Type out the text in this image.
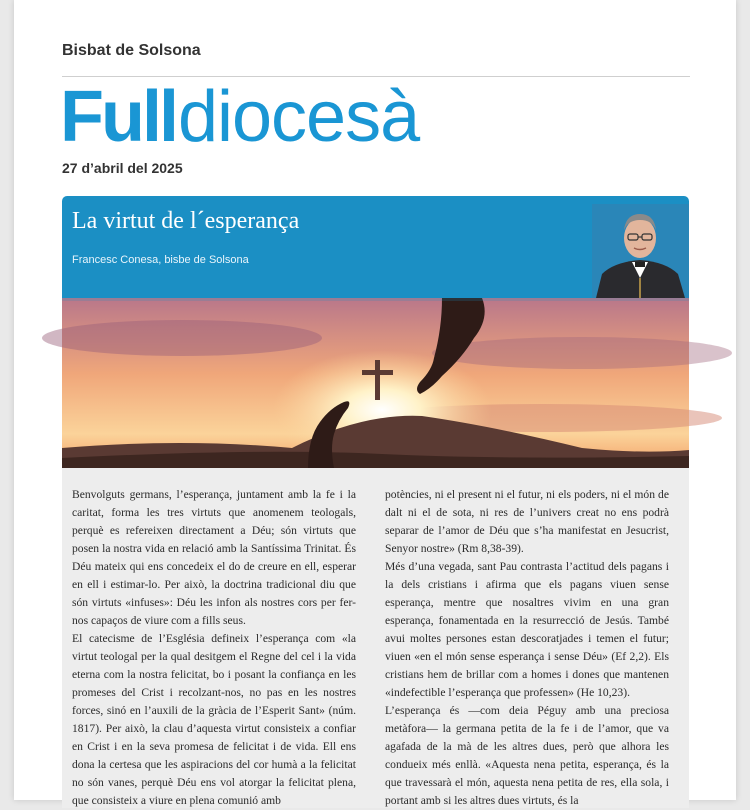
Bisbat de Solsona
Fulldiocesà
27 d’abril del 2025
La virtut de l´esperança
Francesc Conesa, bisbe de Solsona

Benvolguts germans, l’esperança, juntament amb la fe i la caritat, forma les tres virtuts que anomenem teologals, perquè es refereixen directament a Déu; són virtuts que posen la nostra vida en relació amb la Santíssima Trinitat. És Déu mateix qui ens concedeix el do de creure en ell, esperar en ell i estimar-lo. Per això, la doctrina tradicional diu que són virtuts «infuses»: Déu les infon als nostres cors per fer-nos capaços de viure com a fills seus.

El catecisme de l’Església defineix l’esperança com «la virtut teologal per la qual desitgem el Regne del cel i la vida eterna com la nostra felicitat, bo i posant la confiança en les promeses del Crist i recolzant-nos, no pas en les nostres forces, sinó en l’auxili de la gràcia de l’Esperit Sant» (núm. 1817). Per això, la clau d’aquesta virtut consisteix a confiar en Crist i en la seva promesa de felicitat i de vida. Ell ens dona la certesa que les aspiracions del cor humà a la felicitat no són vanes, perquè Déu ens vol atorgar la felicitat plena, que consisteix a viure en plena comunió amb

potències, ni el present ni el futur, ni els poders, ni el món de dalt ni el de sota, ni res de l’univers creat no ens podrà separar de l’amor de Déu que s’ha manifestat en Jesucrist, Senyor nostre» (Rm 8,38-39).

Més d’una vegada, sant Pau contrasta l’actitud dels pagans i la dels cristians i afirma que els pagans viuen sense esperança, mentre que nosaltres vivim en una gran esperança, fonamentada en la resurrecció de Jesús. També avui moltes persones estan descoratjades i temen el futur; viuen «en el món sense esperança i sense Déu» (Ef 2,2). Els cristians hem de brillar com a homes i dones que mantenen «indefectible l’esperança que professen» (He 10,23).

L’esperança és —com deia Péguy amb una preciosa metàfora— la germana petita de la fe i de l’amor, que va agafada de la mà de les altres dues, però que alhora les condueix més enllà. «Aquesta nena petita, esperança, és la que travessarà el món, aquesta nena petita de res, ella sola, i portant amb si les altres dues virtuts, és la
